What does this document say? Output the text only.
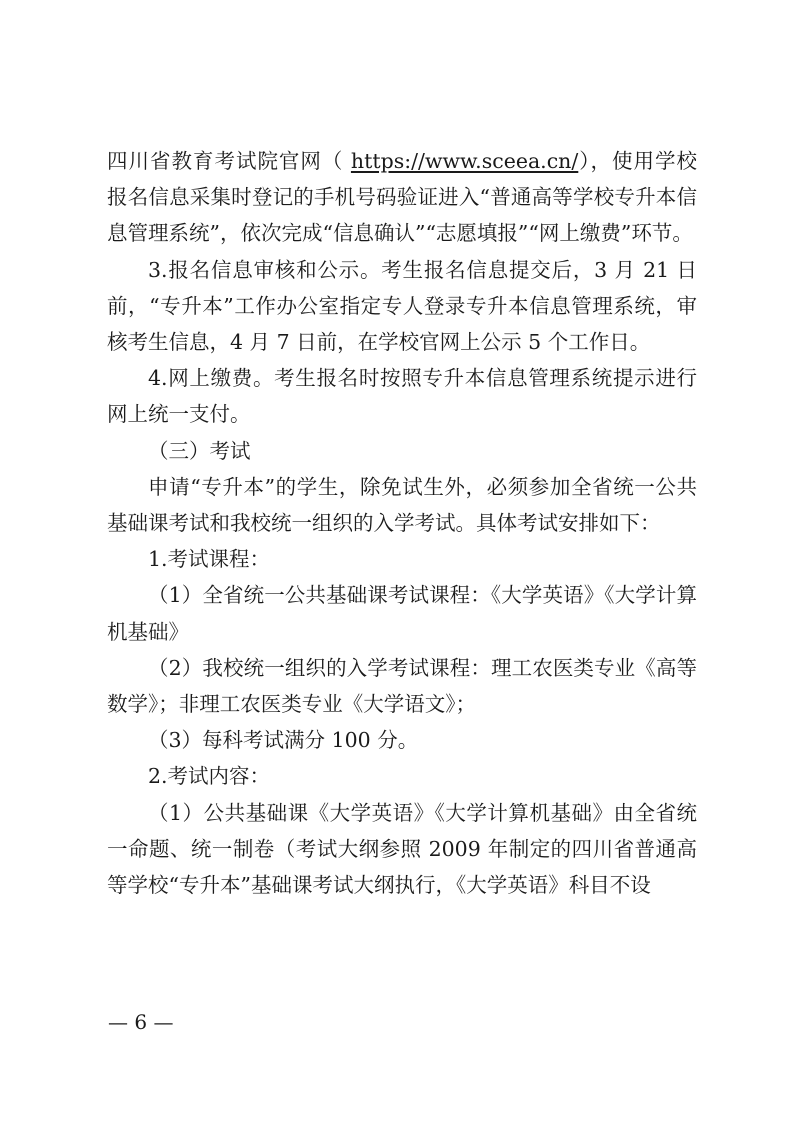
四川省教育考试院官网（ https://www.sceea.cn/），使用学校报名信息采集时登记的手机号码验证进入“普通高等学校专升本信息管理系统”，依次完成“信息确认”“志愿填报”“网上缴费”环节。

3.报名信息审核和公示。考生报名信息提交后，3 月 21 日前，“专升本”工作办公室指定专人登录专升本信息管理系统，审核考生信息，4 月 7 日前，在学校官网上公示 5 个工作日。

4.网上缴费。考生报名时按照专升本信息管理系统提示进行网上统一支付。

（三）考试

申请“专升本”的学生，除免试生外，必须参加全省统一公共基础课考试和我校统一组织的入学考试。具体考试安排如下：

1.考试课程：

（1）全省统一公共基础课考试课程：《大学英语》《大学计算机基础》

（2）我校统一组织的入学考试课程：理工农医类专业《高等数学》；非理工农医类专业《大学语文》；

（3）每科考试满分 100 分。

2.考试内容：

（1）公共基础课《大学英语》《大学计算机基础》由全省统一命题、统一制卷（考试大纲参照 2009 年制定的四川省普通高等学校“专升本”基础课考试大纲执行，《大学英语》科目不设

— 6 —
